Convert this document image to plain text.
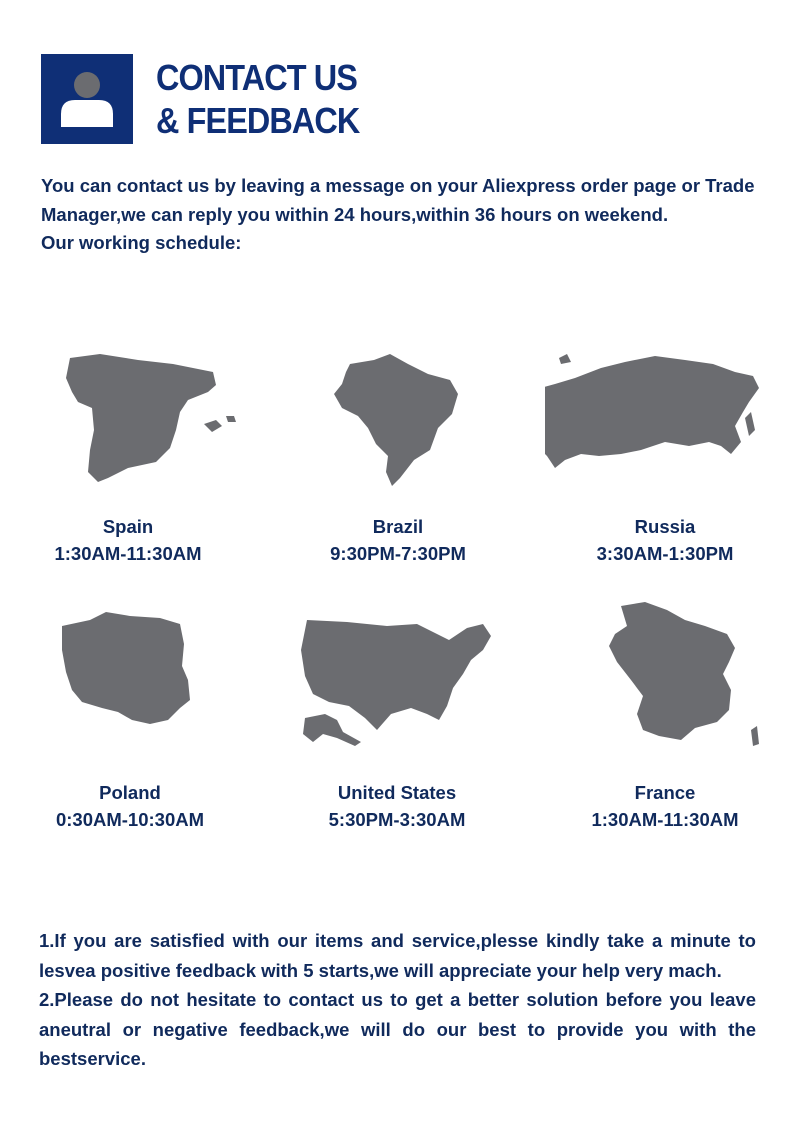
CONTACT US
& FEEDBACK

You can contact us by leaving a message on your Aliexpress order page or Trade Manager,we can reply you within 24 hours,within 36 hours on weekend.

Our working schedule:

Spain
1:30AM-11:30AM
Brazil
9:30PM-7:30PM
Russia
3:30AM-1:30PM
Poland
0:30AM-10:30AM
United States
5:30PM-3:30AM
France
1:30AM-11:30AM

1.If you are satisfied with our items and service,plesse kindly take a minute to lesvea positive feedback with 5 starts,we will appreciate your help very mach.

2.Please do not hesitate to contact us to get a better solution before you leave aneutral or negative feedback,we will do our best to provide you with the bestservice.
